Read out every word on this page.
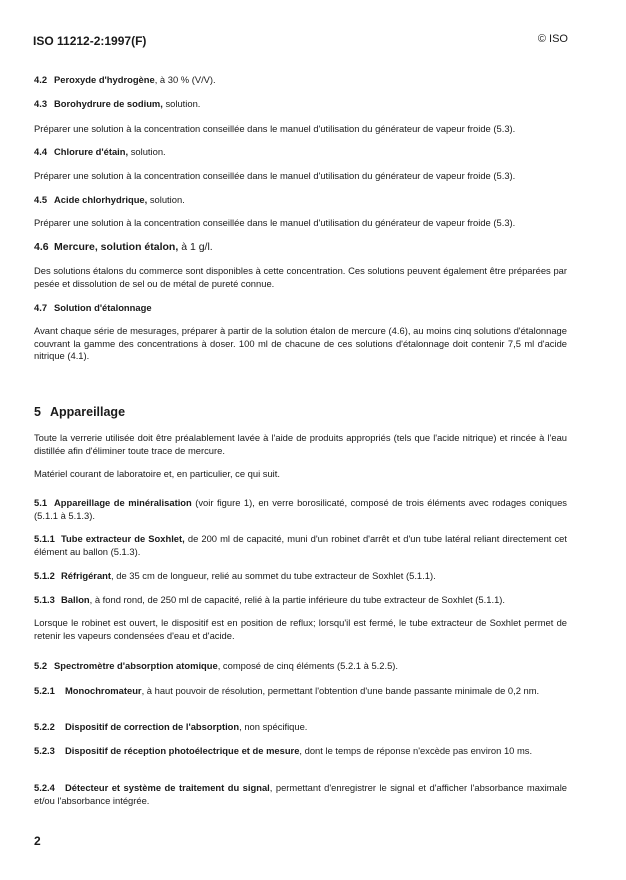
ISO 11212-2:1997(F)	© ISO

4.2 Peroxyde d'hydrogène, à 30 % (V/V).

4.3 Borohydrure de sodium, solution.

Préparer une solution à la concentration conseillée dans le manuel d'utilisation du générateur de vapeur froide (5.3).

4.4 Chlorure d'étain, solution.

Préparer une solution à la concentration conseillée dans le manuel d'utilisation du générateur de vapeur froide (5.3).

4.5 Acide chlorhydrique, solution.

Préparer une solution à la concentration conseillée dans le manuel d'utilisation du générateur de vapeur froide (5.3).

4.6 Mercure, solution étalon, à 1 g/l.

Des solutions étalons du commerce sont disponibles à cette concentration. Ces solutions peuvent également être préparées par pesée et dissolution de sel ou de métal de pureté connue.

4.7 Solution d'étalonnage

Avant chaque série de mesurages, préparer à partir de la solution étalon de mercure (4.6), au moins cinq solutions d'étalonnage couvrant la gamme des concentrations à doser. 100 ml de chacune de ces solutions d'étalonnage doit contenir 7,5 ml d'acide nitrique (4.1).

5 Appareillage

Toute la verrerie utilisée doit être préalablement lavée à l'aide de produits appropriés (tels que l'acide nitrique) et rincée à l'eau distillée afin d'éliminer toute trace de mercure.

Matériel courant de laboratoire et, en particulier, ce qui suit.

5.1 Appareillage de minéralisation (voir figure 1), en verre borosilicaté, composé de trois éléments avec rodages coniques (5.1.1 à 5.1.3).

5.1.1 Tube extracteur de Soxhlet, de 200 ml de capacité, muni d'un robinet d'arrêt et d'un tube latéral reliant directement cet élément au ballon (5.1.3).

5.1.2 Réfrigérant, de 35 cm de longueur, relié au sommet du tube extracteur de Soxhlet (5.1.1).

5.1.3 Ballon, à fond rond, de 250 ml de capacité, relié à la partie inférieure du tube extracteur de Soxhlet (5.1.1).

Lorsque le robinet est ouvert, le dispositif est en position de reflux; lorsqu'il est fermé, le tube extracteur de Soxhlet permet de retenir les vapeurs condensées d'eau et d'acide.

5.2 Spectromètre d'absorption atomique, composé de cinq éléments (5.2.1 à 5.2.5).

5.2.1 Monochromateur, à haut pouvoir de résolution, permettant l'obtention d'une bande passante minimale de 0,2 nm.

5.2.2 Dispositif de correction de l'absorption, non spécifique.

5.2.3 Dispositif de réception photoélectrique et de mesure, dont le temps de réponse n'excède pas environ 10 ms.

5.2.4 Détecteur et système de traitement du signal, permettant d'enregistrer le signal et d'afficher l'absorbance maximale et/ou l'absorbance intégrée.

2
